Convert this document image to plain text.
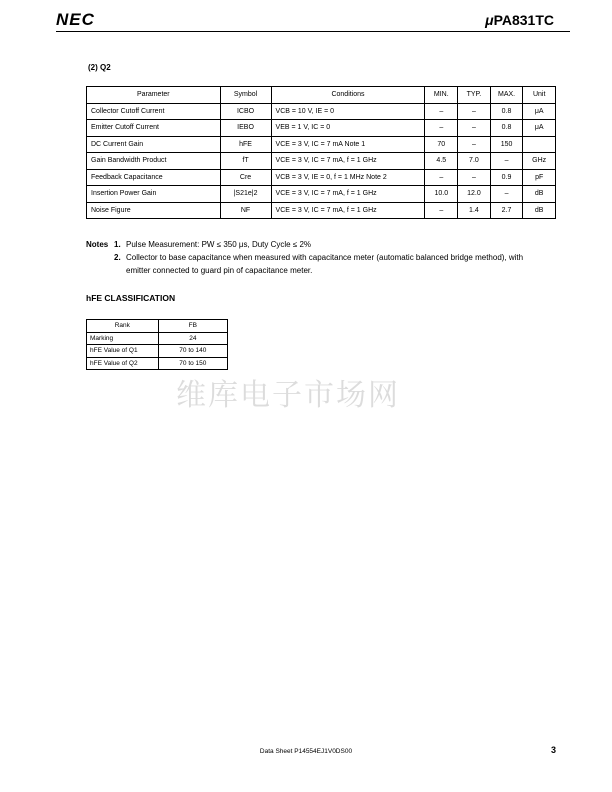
NEC	μPA831TC
(2) Q2
Parameter	Symbol	Conditions	MIN.	TYP.	MAX.	Unit
Collector Cutoff Current	ICBO	VCB = 10 V, IE = 0	–	–	0.8	μA
Emitter Cutoff Current	IEBO	VEB = 1 V, IC = 0	–	–	0.8	μA
DC Current Gain	hFE	VCE = 3 V, IC = 7 mA Note 1	70	–	150	
Gain Bandwidth Product	fT	VCE = 3 V, IC = 7 mA, f = 1 GHz	4.5	7.0	–	GHz
Feedback Capacitance	Cre	VCB = 3 V, IE = 0, f = 1 MHz Note 2	–	–	0.9	pF
Insertion Power Gain	|S21e|2	VCE = 3 V, IC = 7 mA, f = 1 GHz	10.0	12.0	–	dB
Noise Figure	NF	VCE = 3 V, IC = 7 mA, f = 1 GHz	–	1.4	2.7	dB
Notes 1. Pulse Measurement: PW ≤ 350 μs, Duty Cycle ≤ 2%
2. Collector to base capacitance when measured with capacitance meter (automatic balanced bridge method), with emitter connected to guard pin of capacitance meter.
hFE CLASSIFICATION
Rank	FB
Marking	24
hFE Value of Q1	70 to 140
hFE Value of Q2	70 to 150
维库电子市场网
Data Sheet P14554EJ1V0DS00	3
